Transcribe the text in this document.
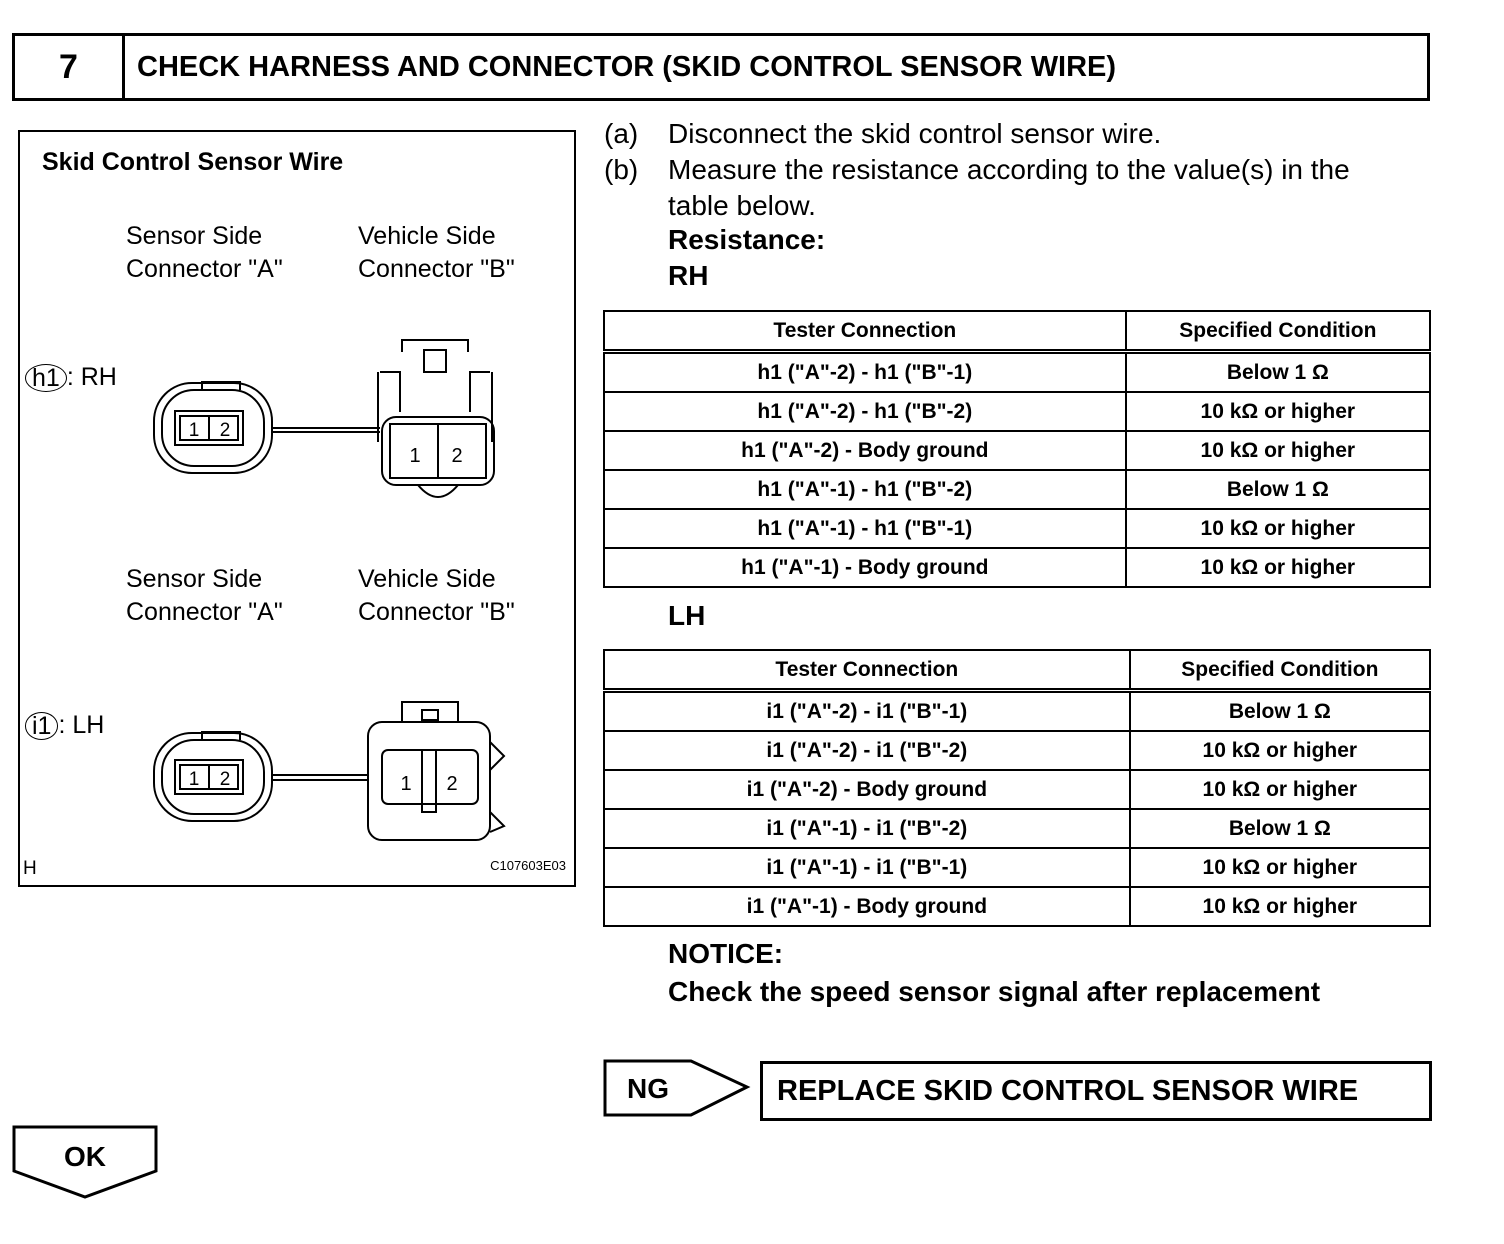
7	CHECK HARNESS AND CONNECTOR (SKID CONTROL SENSOR WIRE)
Skid Control Sensor Wire
Sensor Side
Connector "A"
Vehicle Side
Connector "B"
h1 : RH
Sensor Side
Connector "A"
Vehicle Side
Connector "B"
i1 : LH
1 2
1 2
1 2	1 2
H	C107603E03
(a) Disconnect the skid control sensor wire.
(b) Measure the resistance according to the value(s) in the
table below.
Resistance:
RH
Tester Connection	Specified Condition
h1 ("A"-2) - h1 ("B"-1)	Below 1 Ω
h1 ("A"-2) - h1 ("B"-2)	10 kΩ or higher
h1 ("A"-2) - Body ground	10 kΩ or higher
h1 ("A"-1) - h1 ("B"-2)	Below 1 Ω
h1 ("A"-1) - h1 ("B"-1)	10 kΩ or higher
h1 ("A"-1) - Body ground	10 kΩ or higher
LH
Tester Connection	Specified Condition
i1 ("A"-2) - i1 ("B"-1)	Below 1 Ω
i1 ("A"-2) - i1 ("B"-2)	10 kΩ or higher
i1 ("A"-2) - Body ground	10 kΩ or higher
i1 ("A"-1) - i1 ("B"-2)	Below 1 Ω
i1 ("A"-1) - i1 ("B"-1)	10 kΩ or higher
i1 ("A"-1) - Body ground	10 kΩ or higher
NOTICE:
Check the speed sensor signal after replacement
NG	REPLACE SKID CONTROL SENSOR WIRE
OK
